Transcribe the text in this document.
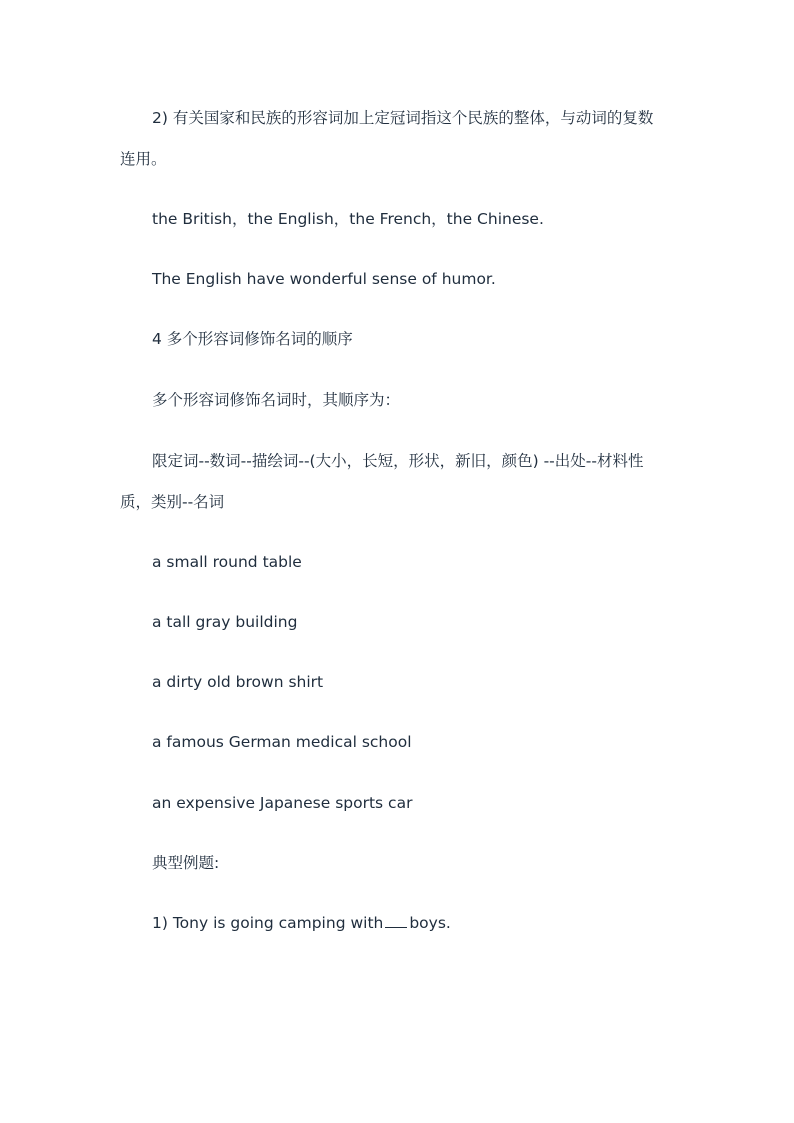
2) 有关国家和民族的形容词加上定冠词指这个民族的整体，与动词的复数
连用。
the British，the English，the French，the Chinese.
The English have wonderful sense of humor.
4 多个形容词修饰名词的顺序
多个形容词修饰名词时，其顺序为：
限定词--数词--描绘词--(大小，长短，形状，新旧，颜色) --出处--材料性
质，类别--名词
a small round table
a tall gray building
a dirty old brown shirt
a famous German medical school
an expensive Japanese sports car
典型例题:
1) Tony is going camping with boys.
